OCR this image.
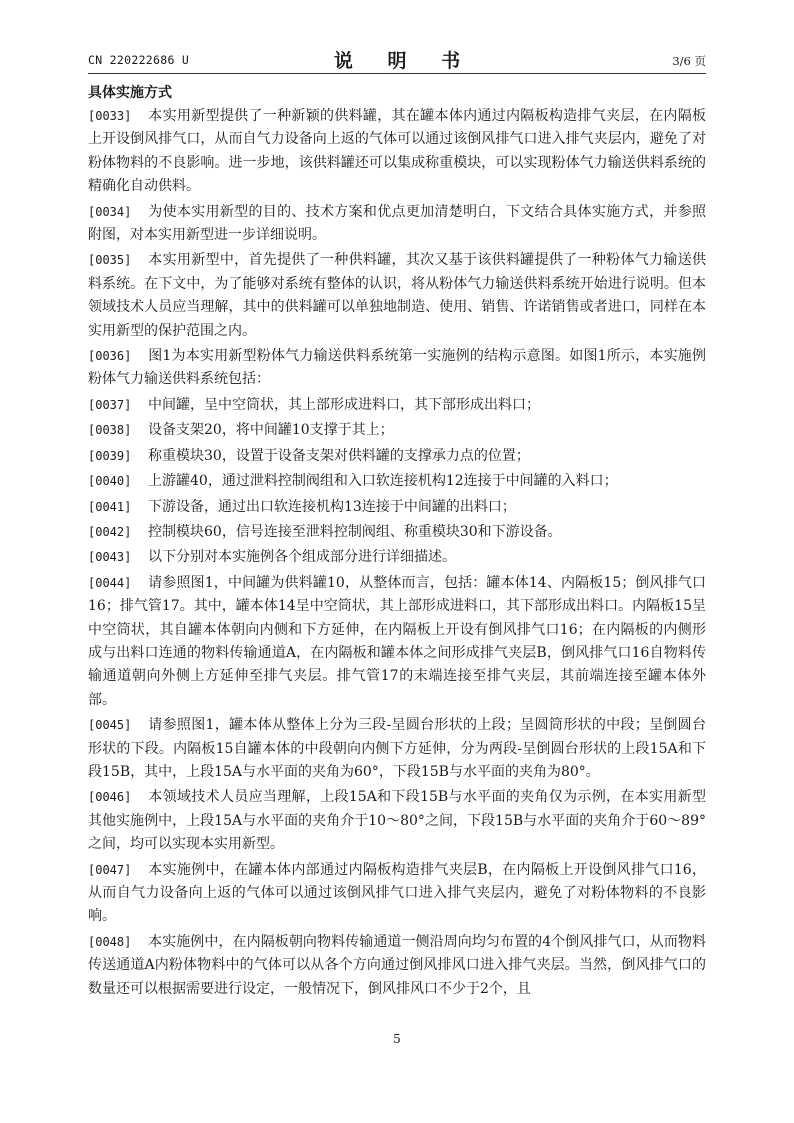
CN 220222686 U	说 明 书	3/6 页
具体实施方式

[0033] 本实用新型提供了一种新颖的供料罐，其在罐本体内通过内隔板构造排气夹层，在内隔板上开设倒风排气口，从而自气力设备向上返的气体可以通过该倒风排气口进入排气夹层内，避免了对粉体物料的不良影响。进一步地，该供料罐还可以集成称重模块，可以实现粉体气力输送供料系统的精确化自动供料。

[0034] 为使本实用新型的目的、技术方案和优点更加清楚明白，下文结合具体实施方式，并参照附图，对本实用新型进一步详细说明。

[0035] 本实用新型中，首先提供了一种供料罐，其次又基于该供料罐提供了一种粉体气力输送供料系统。在下文中，为了能够对系统有整体的认识，将从粉体气力输送供料系统开始进行说明。但本领域技术人员应当理解，其中的供料罐可以单独地制造、使用、销售、许诺销售或者进口，同样在本实用新型的保护范围之内。

[0036] 图1为本实用新型粉体气力输送供料系统第一实施例的结构示意图。如图1所示，本实施例粉体气力输送供料系统包括：

[0037] 中间罐，呈中空筒状，其上部形成进料口，其下部形成出料口；

[0038] 设备支架20，将中间罐10支撑于其上；

[0039] 称重模块30，设置于设备支架对供料罐的支撑承力点的位置；

[0040] 上游罐40，通过泄料控制阀组和入口软连接机构12连接于中间罐的入料口；

[0041] 下游设备，通过出口软连接机构13连接于中间罐的出料口；

[0042] 控制模块60，信号连接至泄料控制阀组、称重模块30和下游设备。

[0043] 以下分别对本实施例各个组成部分进行详细描述。

[0044] 请参照图1，中间罐为供料罐10，从整体而言，包括：罐本体14、内隔板15；倒风排气口16；排气管17。其中，罐本体14呈中空筒状，其上部形成进料口，其下部形成出料口。内隔板15呈中空筒状，其自罐本体朝向内侧和下方延伸，在内隔板上开设有倒风排气口16；在内隔板的内侧形成与出料口连通的物料传输通道A，在内隔板和罐本体之间形成排气夹层B，倒风排气口16自物料传输通道朝向外侧上方延伸至排气夹层。排气管17的末端连接至排气夹层，其前端连接至罐本体外部。

[0045] 请参照图1，罐本体从整体上分为三段-呈圆台形状的上段；呈圆筒形状的中段；呈倒圆台形状的下段。内隔板15自罐本体的中段朝向内侧下方延伸，分为两段-呈倒圆台形状的上段15A和下段15B，其中，上段15A与水平面的夹角为60°，下段15B与水平面的夹角为80°。

[0046] 本领域技术人员应当理解，上段15A和下段15B与水平面的夹角仅为示例，在本实用新型其他实施例中，上段15A与水平面的夹角介于10～80°之间，下段15B与水平面的夹角介于60～89°之间，均可以实现本实用新型。

[0047] 本实施例中，在罐本体内部通过内隔板构造排气夹层B，在内隔板上开设倒风排气口16，从而自气力设备向上返的气体可以通过该倒风排气口进入排气夹层内，避免了对粉体物料的不良影响。

[0048] 本实施例中，在内隔板朝向物料传输通道一侧沿周向均匀布置的4个倒风排气口，从而物料传送通道A内粉体物料中的气体可以从各个方向通过倒风排风口进入排气夹层。当然，倒风排气口的数量还可以根据需要进行设定，一般情况下，倒风排风口不少于2个，且

5
